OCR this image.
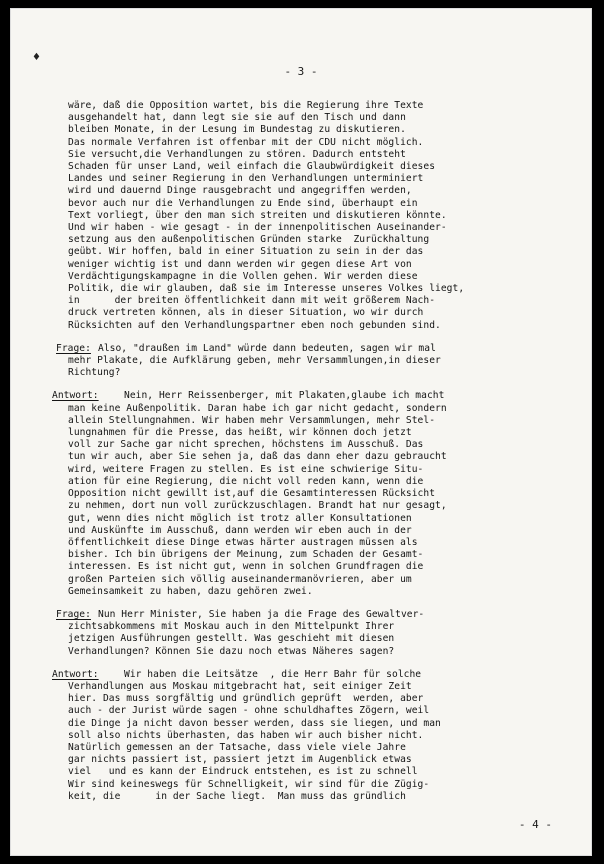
♦
- 3 -
wäre, daß die Opposition wartet, bis die Regierung ihre Texte
ausgehandelt hat, dann legt sie sie auf den Tisch und dann
bleiben Monate, in der Lesung im Bundestag zu diskutieren.
Das normale Verfahren ist offenbar mit der CDU nicht möglich.
Sie versucht,die Verhandlungen zu stören. Dadurch entsteht
Schaden für unser Land, weil einfach die Glaubwürdigkeit dieses
Landes und seiner Regierung in den Verhandlungen unterminiert
wird und dauernd Dinge rausgebracht und angegriffen werden,
bevor auch nur die Verhandlungen zu Ende sind, überhaupt ein
Text vorliegt, über den man sich streiten und diskutieren könnte.
Und wir haben - wie gesagt - in der innenpolitischen Auseinander-
setzung aus den außenpolitischen Gründen starke  Zurückhaltung
geübt. Wir hoffen, bald in einer Situation zu sein in der das
weniger wichtig ist und dann werden wir gegen diese Art von
Verdächtigungskampagne in die Vollen gehen. Wir werden diese
Politik, die wir glauben, daß sie im Interesse unseres Volkes liegt,
in      der breiten öffentlichkeit dann mit weit größerem Nach-
druck vertreten können, als in dieser Situation, wo wir durch
Rücksichten auf den Verhandlungspartner eben noch gebunden sind.
Frage: Also, "draußen im Land" würde dann bedeuten, sagen wir mal
mehr Plakate, die Aufklärung geben, mehr Versammlungen,in dieser
Richtung?
Antwort:	Nein, Herr Reissenberger, mit Plakaten,glaube ich macht
man keine Außenpolitik. Daran habe ich gar nicht gedacht, sondern
allein Stellungnahmen. Wir haben mehr Versammlungen, mehr Stel-
lungnahmen für die Presse, das heißt, wir können doch jetzt
voll zur Sache gar nicht sprechen, höchstens im Ausschuß. Das
tun wir auch, aber Sie sehen ja, daß das dann eher dazu gebraucht
wird, weitere Fragen zu stellen. Es ist eine schwierige Situ-
ation für eine Regierung, die nicht voll reden kann, wenn die
Opposition nicht gewillt ist,auf die Gesamtinteressen Rücksicht
zu nehmen, dort nun voll zurückzuschlagen. Brandt hat nur gesagt,
gut, wenn dies nicht möglich ist trotz aller Konsultationen
und Auskünfte im Ausschuß, dann werden wir eben auch in der
öffentlichkeit diese Dinge etwas härter austragen müssen als
bisher. Ich bin übrigens der Meinung, zum Schaden der Gesamt-
interessen. Es ist nicht gut, wenn in solchen Grundfragen die
großen Parteien sich völlig auseinandermanövrieren, aber um
Gemeinsamkeit zu haben, dazu gehören zwei.
Frage: Nun Herr Minister, Sie haben ja die Frage des Gewaltver-
zichtsabkommens mit Moskau auch in den Mittelpunkt Ihrer
jetzigen Ausführungen gestellt. Was geschieht mit diesen
Verhandlungen? Können Sie dazu noch etwas Näheres sagen?
Antwort:	Wir haben die Leitsätze  , die Herr Bahr für solche
Verhandlungen aus Moskau mitgebracht hat, seit einiger Zeit
hier. Das muss sorgfältig und gründlich geprüft  werden, aber
auch - der Jurist würde sagen - ohne schuldhaftes Zögern, weil
die Dinge ja nicht davon besser werden, dass sie liegen, und man
soll also nichts überhasten, das haben wir auch bisher nicht.
Natürlich gemessen an der Tatsache, dass viele viele Jahre
gar nichts passiert ist, passiert jetzt im Augenblick etwas
viel   und es kann der Eindruck entstehen, es ist zu schnell
Wir sind keineswegs für Schnelligkeit, wir sind für die Zügig-
keit, die      in der Sache liegt.  Man muss das gründlich
- 4 -
